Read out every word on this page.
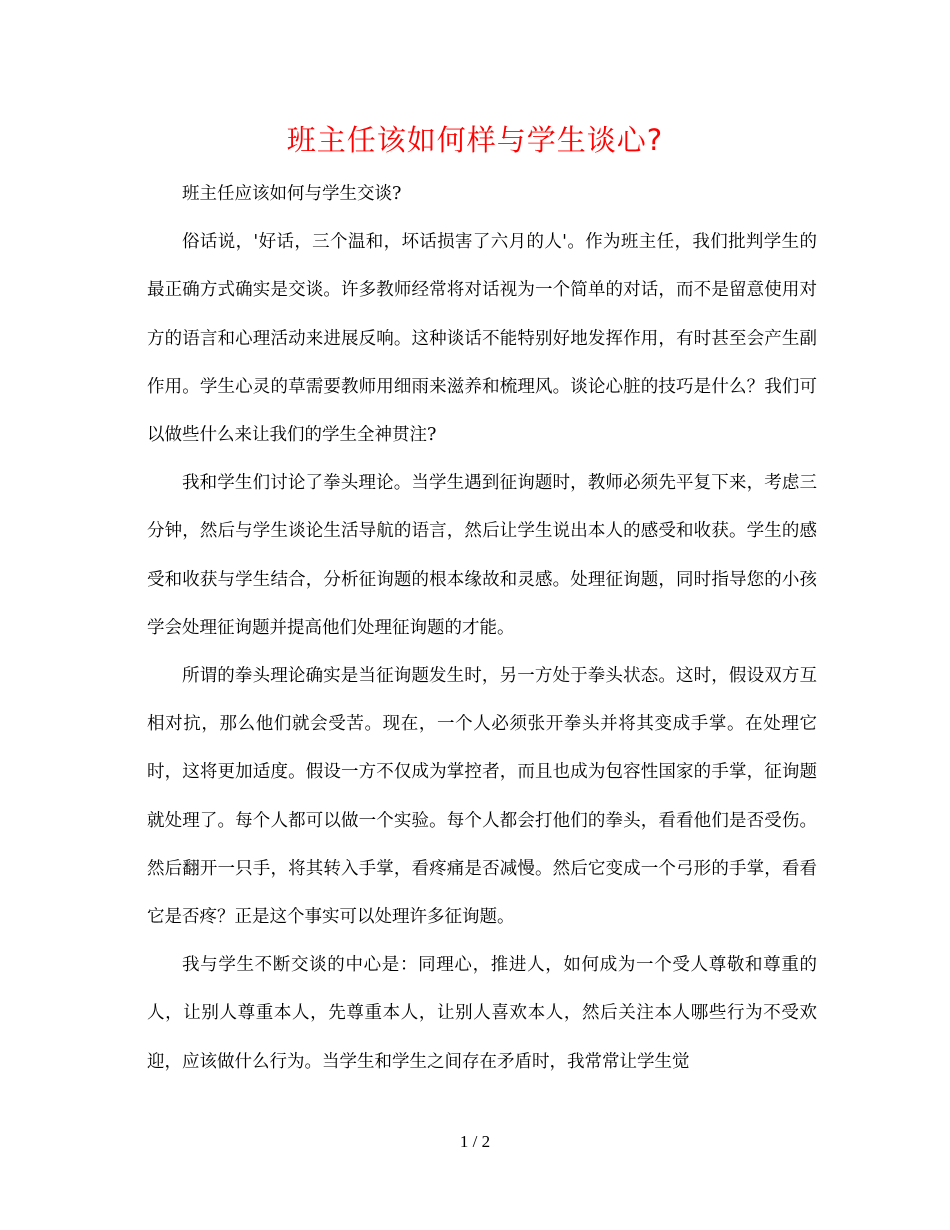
班主任该如何样与学生谈心?

班主任应该如何与学生交谈?

俗话说，'好话，三个温和，坏话损害了六月的人'。作为班主任，我们批判学生的最正确方式确实是交谈。许多教师经常将对话视为一个简单的对话，而不是留意使用对方的语言和心理活动来进展反响。这种谈话不能特别好地发挥作用，有时甚至会产生副作用。学生心灵的草需要教师用细雨来滋养和梳理风。谈论心脏的技巧是什么？我们可以做些什么来让我们的学生全神贯注?

我和学生们讨论了拳头理论。当学生遇到征询题时，教师必须先平复下来，考虑三分钟，然后与学生谈论生活导航的语言，然后让学生说出本人的感受和收获。学生的感受和收获与学生结合，分析征询题的根本缘故和灵感。处理征询题，同时指导您的小孩学会处理征询题并提高他们处理征询题的才能。

所谓的拳头理论确实是当征询题发生时，另一方处于拳头状态。这时，假设双方互相对抗，那么他们就会受苦。现在，一个人必须张开拳头并将其变成手掌。在处理它时，这将更加适度。假设一方不仅成为掌控者，而且也成为包容性国家的手掌，征询题就处理了。每个人都可以做一个实验。每个人都会打他们的拳头，看看他们是否受伤。然后翻开一只手，将其转入手掌，看疼痛是否减慢。然后它变成一个弓形的手掌，看看它是否疼？正是这个事实可以处理许多征询题。

我与学生不断交谈的中心是：同理心，推进人，如何成为一个受人尊敬和尊重的人，让别人尊重本人，先尊重本人，让别人喜欢本人，然后关注本人哪些行为不受欢迎，应该做什么行为。当学生和学生之间存在矛盾时，我常常让学生觉

1 / 2
